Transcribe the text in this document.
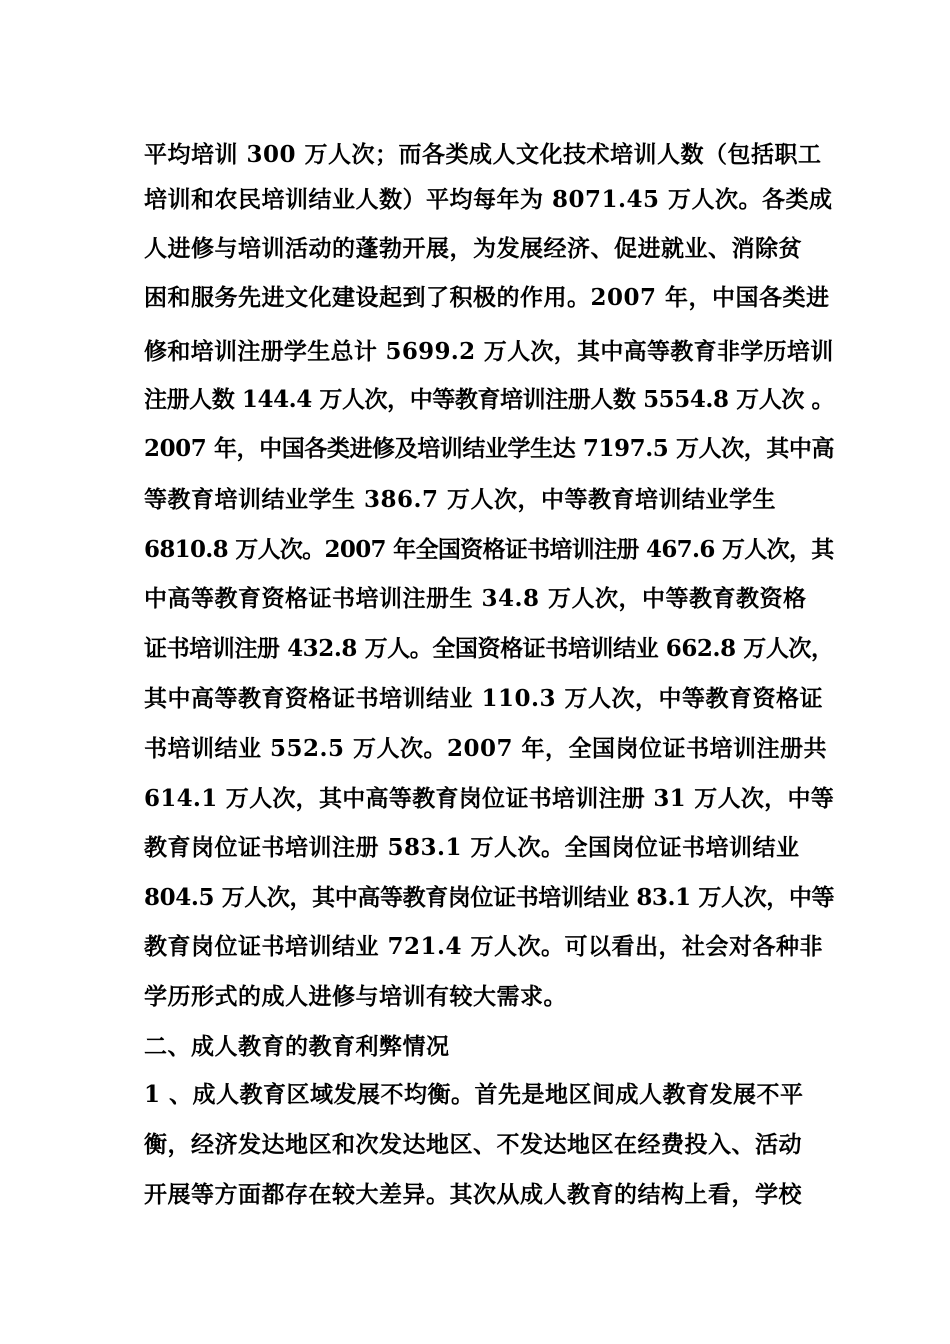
平均培训 300 万人次；而各类成人文化技术培训人数（包括职工
培训和农民培训结业人数）平均每年为 8071.45 万人次。各类成
人进修与培训活动的蓬勃开展，为发展经济、促进就业、消除贫
困和服务先进文化建设起到了积极的作用。2007 年，中国各类进
修和培训注册学生总计 5699.2 万人次，其中高等教育非学历培训
注册人数 144.4 万人次，中等教育培训注册人数 5554.8 万人次 。
2007 年，中国各类进修及培训结业学生达 7197.5 万人次，其中高
等教育培训结业学生 386.7 万人次，中等教育培训结业学生
6810.8 万人次。2007 年全国资格证书培训注册 467.6 万人次，其
中高等教育资格证书培训注册生 34.8 万人次，中等教育教资格
证书培训注册 432.8 万人。全国资格证书培训结业 662.8 万人次，
其中高等教育资格证书培训结业 110.3 万人次，中等教育资格证
书培训结业 552.5 万人次。2007 年，全国岗位证书培训注册共
614.1 万人次，其中高等教育岗位证书培训注册 31 万人次，中等
教育岗位证书培训注册 583.1 万人次。全国岗位证书培训结业
804.5 万人次，其中高等教育岗位证书培训结业 83.1 万人次，中等
教育岗位证书培训结业 721.4 万人次。可以看出，社会对各种非
学历形式的成人进修与培训有较大需求。
二、成人教育的教育利弊情况
1 、成人教育区域发展不均衡。首先是地区间成人教育发展不平
衡，经济发达地区和次发达地区、不发达地区在经费投入、活动
开展等方面都存在较大差异。其次从成人教育的结构上看，学校
